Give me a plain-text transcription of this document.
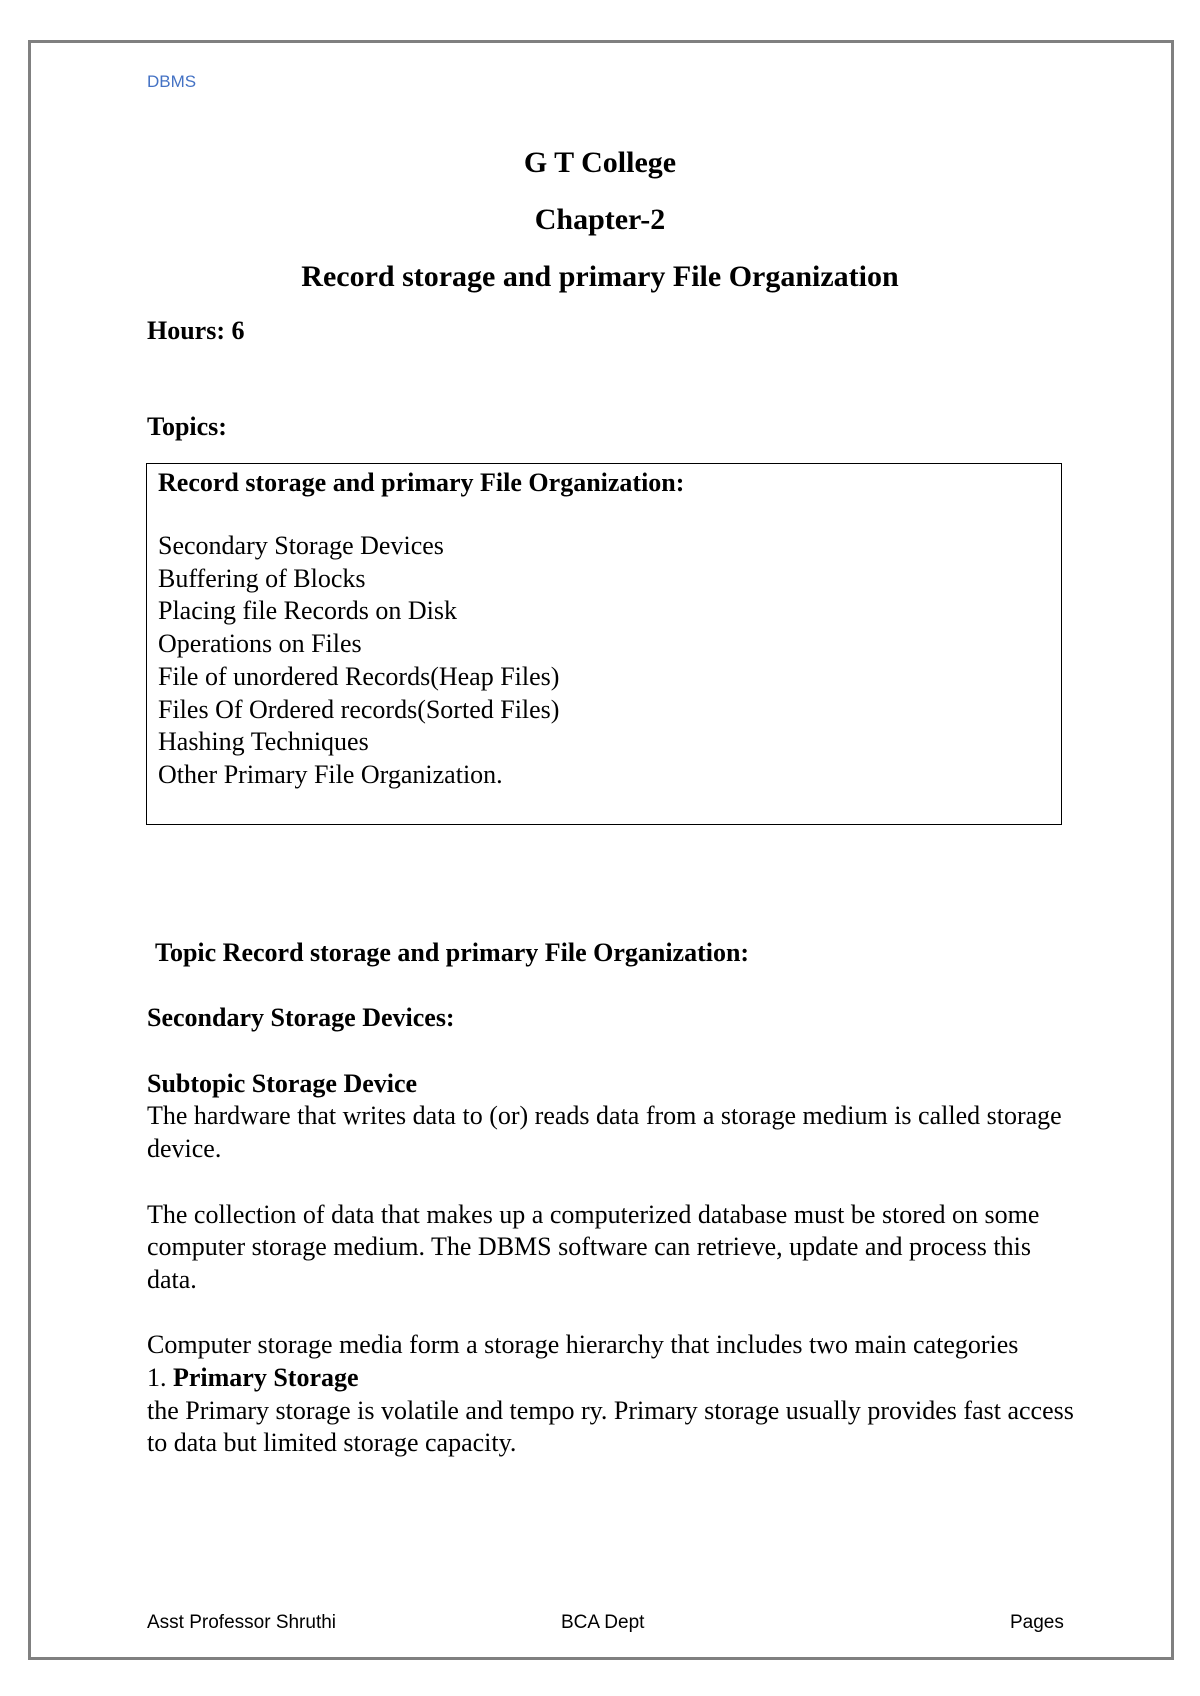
DBMS
G T College
Chapter-2
Record storage and primary File Organization
Hours: 6
Topics:
Record storage and primary File Organization:
Secondary Storage Devices
Buffering of Blocks
Placing file Records on Disk
Operations on Files
File of unordered Records(Heap Files)
Files Of Ordered records(Sorted Files)
Hashing Techniques
Other Primary File Organization.

Topic Record storage and primary File Organization:

Secondary Storage Devices:

Subtopic Storage Device

The hardware that writes data to (or) reads data from a storage medium is called storage device.

The collection of data that makes up a computerized database must be stored on some computer storage medium. The DBMS software can retrieve, update and process this data.

Computer storage media form a storage hierarchy that includes two main categories

1. Primary Storage

the Primary storage is volatile and tempo ry. Primary storage usually provides fast access to data but limited storage capacity.

Asst Professor Shruthi	BCA Dept	Pages
